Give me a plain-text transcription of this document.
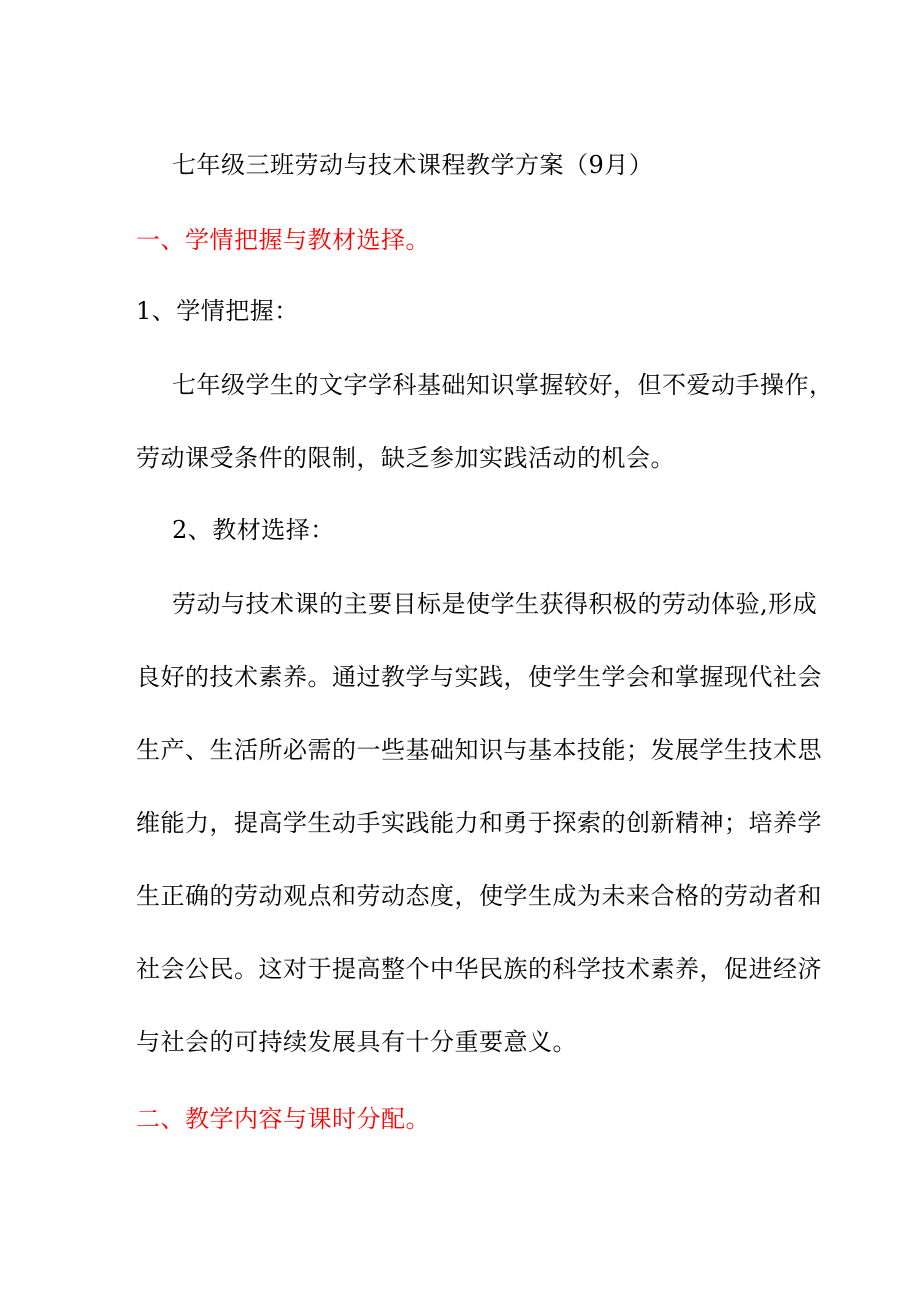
七年级三班劳动与技术课程教学方案（9月）
一、学情把握与教材选择。
1、学情把握：
七年级学生的文字学科基础知识掌握较好，但不爱动手操作，
劳动课受条件的限制，缺乏参加实践活动的机会。
2、教材选择：
劳动与技术课的主要目标是使学生获得积极的劳动体验,形成
良好的技术素养。通过教学与实践，使学生学会和掌握现代社会
生产、生活所必需的一些基础知识与基本技能；发展学生技术思
维能力，提高学生动手实践能力和勇于探索的创新精神；培养学
生正确的劳动观点和劳动态度，使学生成为未来合格的劳动者和
社会公民。这对于提高整个中华民族的科学技术素养，促进经济
与社会的可持续发展具有十分重要意义。
二、教学内容与课时分配。
